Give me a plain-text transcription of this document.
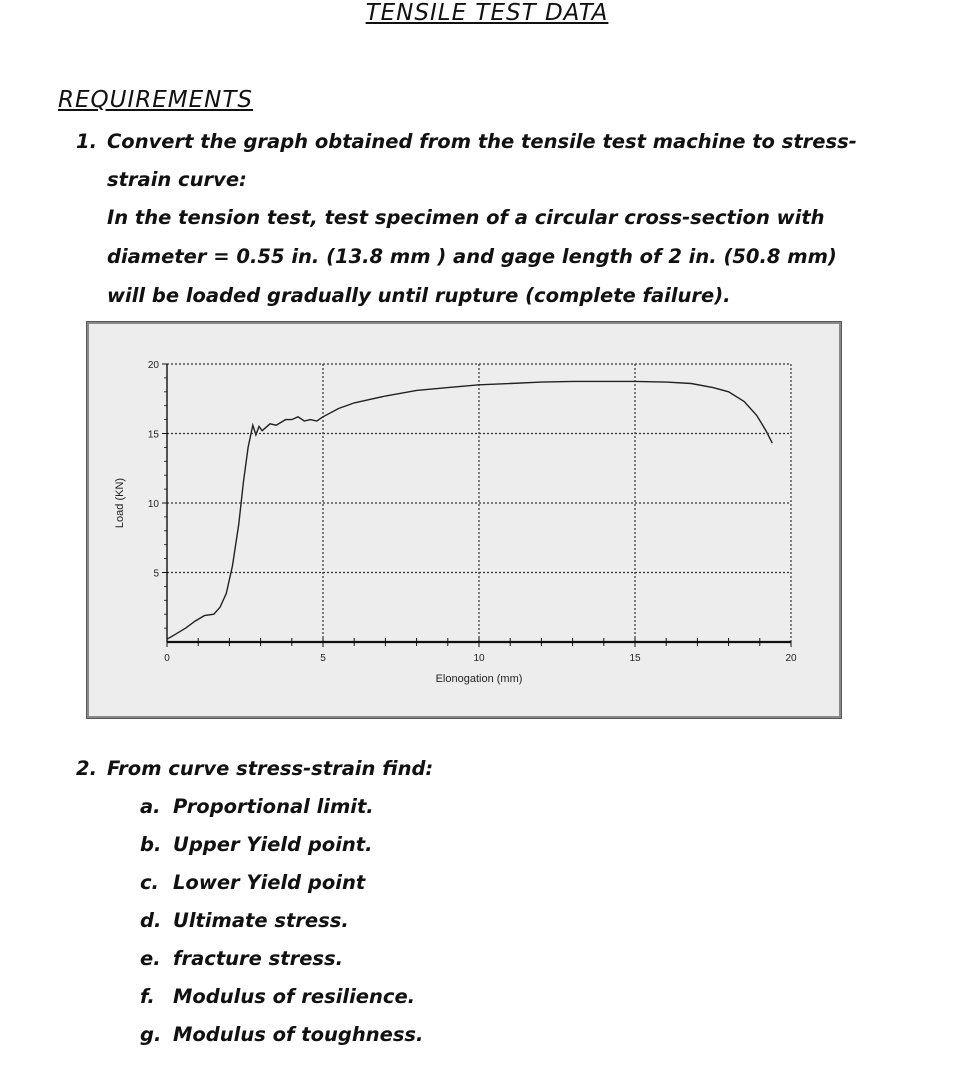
TENSILE TEST DATA
REQUIREMENTS
1. Convert the graph obtained from the tensile test machine to stress-
strain curve:
In the tension test, test specimen of a circular cross-section with
diameter = 0.55 in. (13.8 mm ) and gage length of 2 in. (50.8 mm)
will be loaded gradually until rupture (complete failure).
0	5	10	15	20
5
10
15
20
Load (KN)
Elonogation (mm)
2. From curve stress-strain find:
a. Proportional limit.
b. Upper Yield point.
c. Lower Yield point
d. Ultimate stress.
e. fracture stress.
f. Modulus of resilience.
g. Modulus of toughness.
